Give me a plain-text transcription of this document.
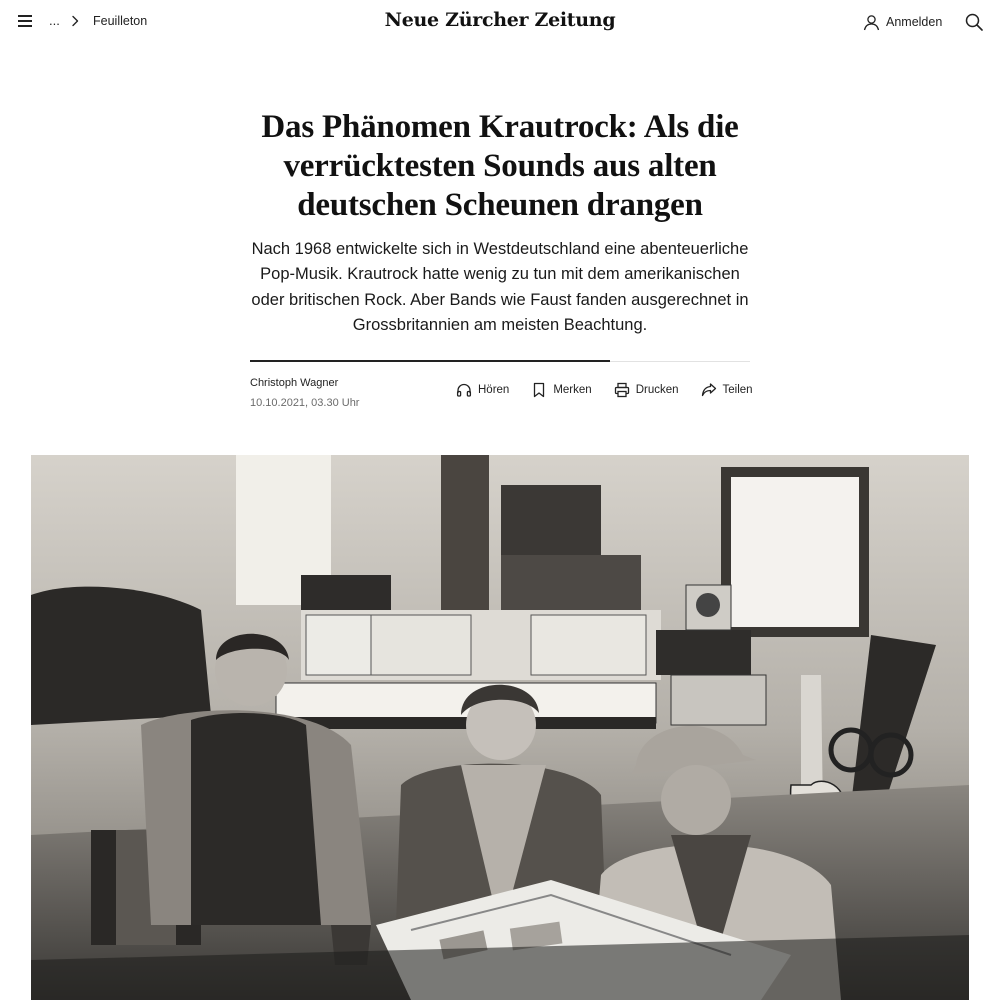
...	Feuilleton	Neue Zürcher Zeitung	Anmelden
Das Phänomen Krautrock: Als die verrücktesten Sounds aus alten deutschen Scheunen drangen

Nach 1968 entwickelte sich in Westdeutschland eine abenteuerliche Pop-Musik. Krautrock hatte wenig zu tun mit dem amerikanischen oder britischen Rock. Aber Bands wie Faust fanden ausgerechnet in Grossbritannien am meisten Beachtung.

Christoph Wagner
10.10.2021, 03.30 Uhr
Hören	Merken	Drucken	Teilen
